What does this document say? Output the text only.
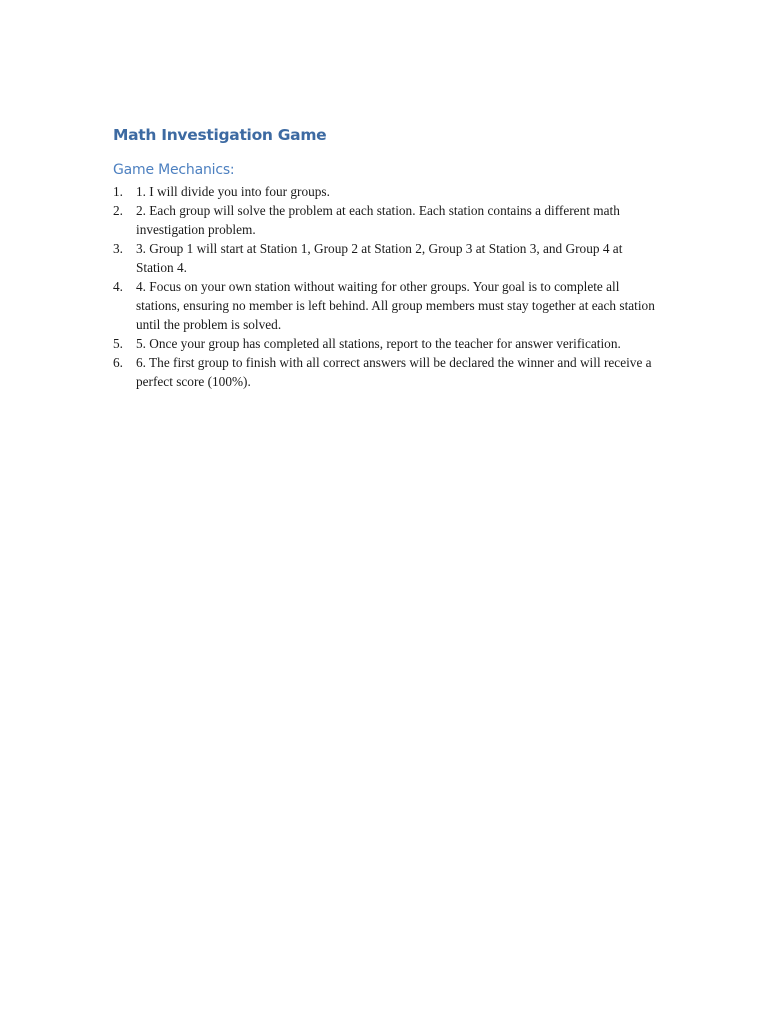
Math Investigation Game
Game Mechanics:
1. 1. I will divide you into four groups.
2. 2. Each group will solve the problem at each station. Each station contains a different math investigation problem.
3. 3. Group 1 will start at Station 1, Group 2 at Station 2, Group 3 at Station 3, and Group 4 at Station 4.
4. 4. Focus on your own station without waiting for other groups. Your goal is to complete all stations, ensuring no member is left behind. All group members must stay together at each station until the problem is solved.
5. 5. Once your group has completed all stations, report to the teacher for answer verification.
6. 6. The first group to finish with all correct answers will be declared the winner and will receive a perfect score (100%).
